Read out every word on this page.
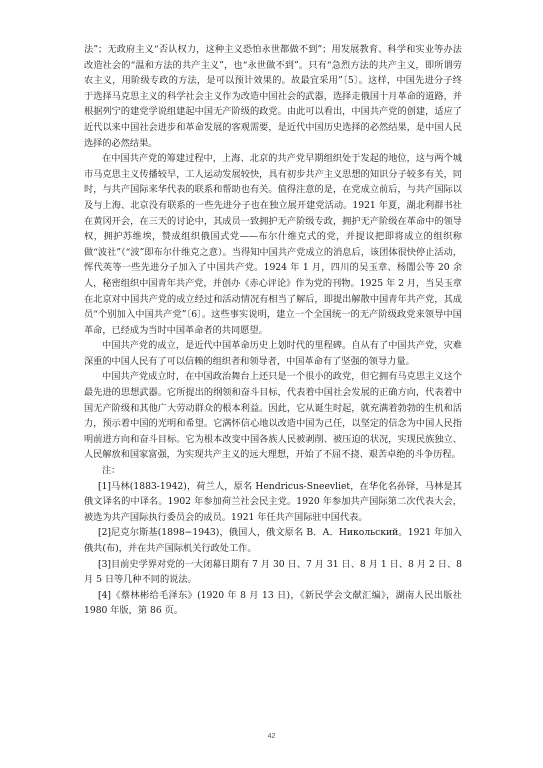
法”；无政府主义“否认权力，这种主义恐怕永世都做不到”；用发展教育、科学和实业等办法改造社会的“温和方法的共产主义”，也“永世做不到”。只有“急烈方法的共产主义，即所谓劳农主义，用阶级专政的方法，是可以预计效果的。故最宜采用”〔5〕。这样，中国先进分子终于选择马克思主义的科学社会主义作为改造中国社会的武器，选择走俄国十月革命的道路，并根据列宁的建党学说组建起中国无产阶级的政党。由此可以看出，中国共产党的创建，适应了近代以来中国社会进步和革命发展的客观需要，是近代中国历史选择的必然结果，是中国人民选择的必然结果。

在中国共产党的筹建过程中，上海、北京的共产党早期组织处于发起的地位，这与两个城市马克思主义传播较早，工人运动发展较快，具有初步共产主义思想的知识分子较多有关，同时，与共产国际来华代表的联系和帮助也有关。值得注意的是，在党成立前后，与共产国际以及与上海、北京没有联系的一些先进分子也在独立展开建党活动。1921 年夏，湖北利群书社在黄冈开会，在三天的讨论中，其成员一致拥护无产阶级专政，拥护无产阶级在革命中的领导权，拥护苏维埃，赞成组织俄国式党——布尔什维克式的党，并提议把即将成立的组织称做“波社”（“波”即布尔什维克之意）。当得知中国共产党成立的消息后，该团体很快停止活动，恽代英等一些先进分子加入了中国共产党。1924 年 1 月，四川的吴玉章、杨闇公等 20 余人，秘密组织中国青年共产党，并创办《赤心评论》作为党的刊物。1925 年 2 月，当吴玉章在北京对中国共产党的成立经过和活动情况有相当了解后，即提出解散中国青年共产党，其成员“个别加入中国共产党”〔6〕。这些事实说明，建立一个全国统一的无产阶级政党来领导中国革命，已经成为当时中国革命者的共同愿望。

中国共产党的成立，是近代中国革命历史上划时代的里程碑。自从有了中国共产党，灾难深重的中国人民有了可以信赖的组织者和领导者，中国革命有了坚强的领导力量。

中国共产党成立时，在中国政治舞台上还只是一个很小的政党，但它拥有马克思主义这个最先进的思想武器。它所提出的纲领和奋斗目标，代表着中国社会发展的正确方向，代表着中国无产阶级和其他广大劳动群众的根本利益。因此，它从诞生时起，就充满着勃勃的生机和活力，预示着中国的光明和希望。它满怀信心地以改造中国为己任，以坚定的信念为中国人民指明前进方向和奋斗目标。它为根本改变中国各族人民被剥削、被压迫的状况，实现民族独立、人民解放和国家富强，为实现共产主义的远大理想，开始了不屈不挠、艰苦卓绝的斗争历程。

注：

[1]马林(1883-1942)，荷兰人，原名 Hendricus-Sneevliet，在华化名孙铎，马林是其俄文译名的中译名。1902 年参加荷兰社会民主党。1920 年参加共产国际第二次代表大会，被选为共产国际执行委员会的成员。1921 年任共产国际驻中国代表。

[2]尼克尔斯基(1898−1943)，俄国人，俄文原名 В．А．Никольский。1921 年加入俄共(布)，并在共产国际机关行政处工作。

[3]目前史学界对党的一大闭幕日期有 7 月 30 日、7 月 31 日、8 月 1 日、8 月 2 日、8 月 5 日等几种不同的说法。

[4]《蔡林彬给毛泽东》(1920 年 8 月 13 日)，《新民学会文献汇编》，湖南人民出版社 1980 年版，第 86 页。

42
